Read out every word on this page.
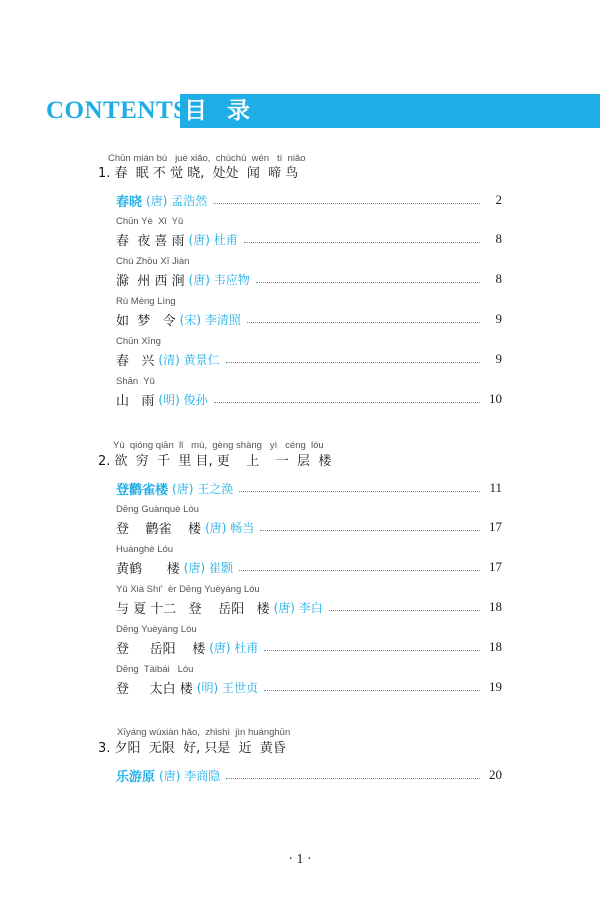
CONTENTS
目 录
Chūn mián bù   jué xiǎo,  chùchù  wén   tí  niǎo
1. 春  眠 不 觉 晓,  处处  闻  啼 鸟
春晓 (唐) 孟浩然	2
Chūn Yè  Xǐ  Yǔ
春  夜 喜 雨 (唐) 杜甫	8
Chú Zhōu Xī Jiàn
滁  州 西 涧 (唐) 韦应物	8
Rú Mèng Lìng
如  梦   令 (宋) 李清照	9
Chūn Xīng
春   兴 (清) 黄景仁	9
Shān  Yǔ
山   雨 (明) 俊孙	10
Yù  qióng qiān  lǐ   mù,  gèng shàng   yì   céng  lóu
2. 欲  穷  千  里 目, 更    上    一  层  楼
登鹳雀楼 (唐) 王之涣	11
Dēng Guànquè Lóu
登    鹳雀    楼 (唐) 畅当	17
Huánghè Lóu
黄鹤      楼 (唐) 崔颢	17
Yǔ Xià Shí'  èr Dēng Yuèyáng Lóu
与 夏 十二   登    岳阳   楼 (唐) 李白	18
Dēng Yuèyáng Lóu
登     岳阳    楼 (唐) 杜甫	18
Dēng  Tàibái   Lóu
登     太白 楼 (明) 王世贞	19
Xīyáng wúxiàn hǎo,  zhǐshì  jìn huánghūn
3. 夕阳  无限  好, 只是  近  黄昏
乐游原 (唐) 李商隐	20
· 1 ·
